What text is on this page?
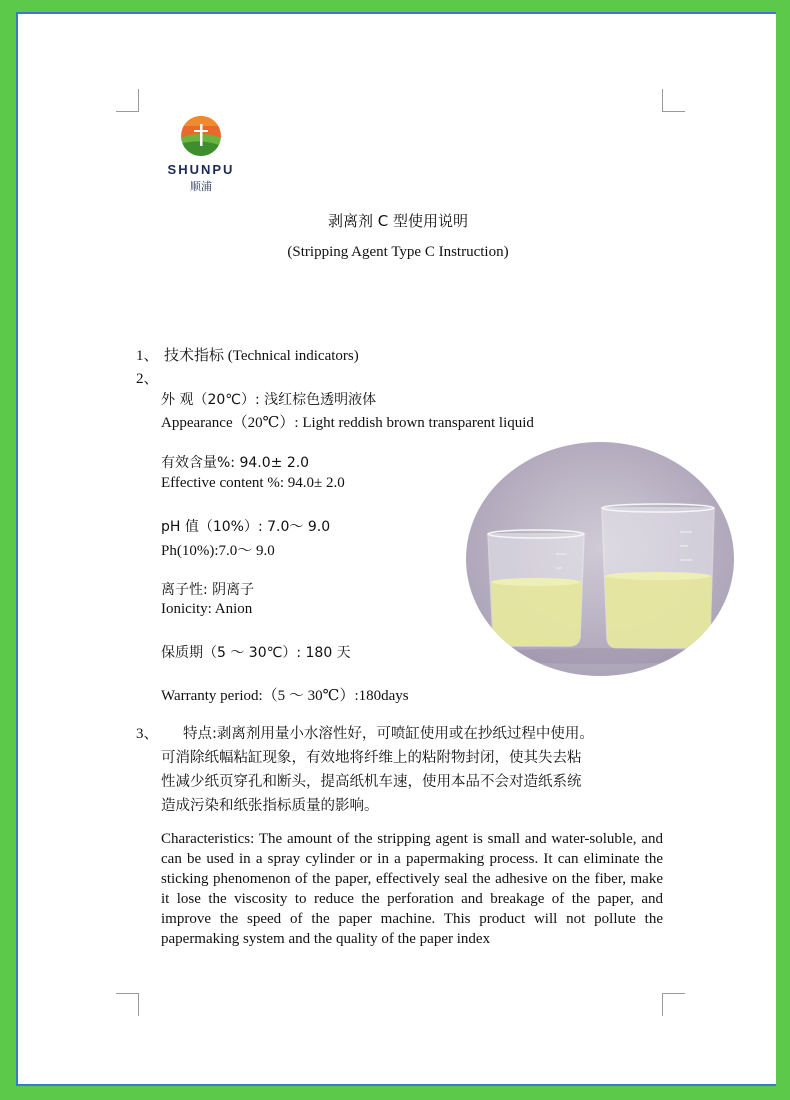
SHUNPU
顺浦
剥离剂 C 型使用说明
(Stripping Agent Type C Instruction)
1、 技术指标 (Technical indicators)
2、
外 观（20℃）: 浅红棕色透明液体
Appearance（20℃）: Light reddish brown transparent liquid
有效含量%: 94.0± 2.0
Effective content %: 94.0± 2.0
pH 值（10%）: 7.0～ 9.0
Ph(10%):7.0～ 9.0
离子性: 阴离子
Ionicity: Anion
保质期（5 ～ 30℃）: 180 天
Warranty period:（5 ～ 30℃）:180days
3、	特点:剥离剂用量小水溶性好，可喷缸使用或在抄纸过程中使用。
可消除纸幅粘缸现象，有效地将纤维上的粘附物封闭，使其失去粘
性减少纸页穿孔和断头，提高纸机车速，使用本品不会对造纸系统
造成污染和纸张指标质量的影响。
Characteristics: The amount of the stripping agent is small and water-soluble, and can be used in a spray cylinder or in a papermaking process. It can eliminate the sticking phenomenon of the paper, effectively seal the adhesive on the fiber, make it lose the viscosity to reduce the perforation and breakage of the paper, and improve the speed of the paper machine. This product will not pollute the papermaking system and the quality of the paper index
